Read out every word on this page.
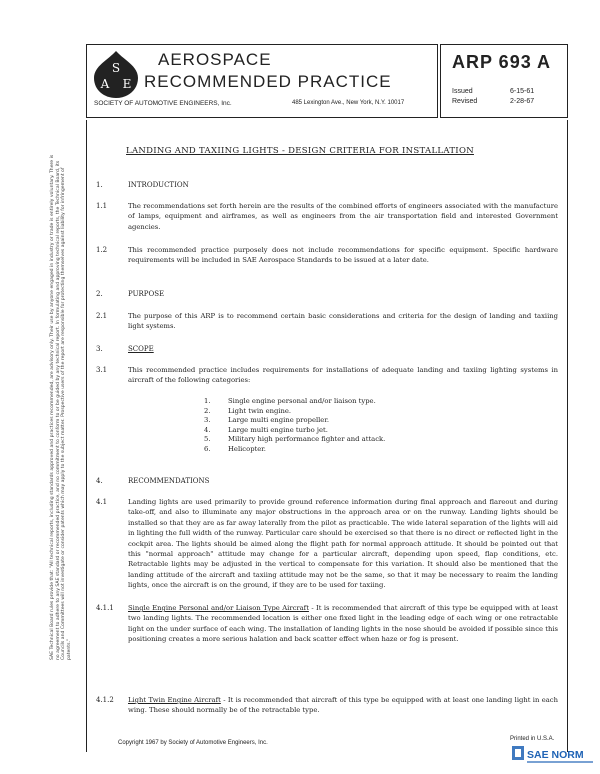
S
A E
AEROSPACE
RECOMMENDED PRACTICE
SOCIETY OF AUTOMOTIVE ENGINEERS, Inc.	485 Lexington Ave., New York, N.Y. 10017
ARP 693 A
Issued	6-15-61
Revised	2-28-67
LANDING AND TAXIING LIGHTS - DESIGN CRITERIA FOR INSTALLATION
1.	INTRODUCTION
1.1	The recommendations set forth herein are the results of the combined efforts of engineers associated with the manufacture of lamps, equipment and airframes, as well as engineers from the air transportation field and interested Government agencies.

1.2	This recommended practice purposely does not include recommendations for specific equipment. Specific hardware requirements will be included in SAE Aerospace Standards to be issued at a later date.

2.	PURPOSE
2.1	The purpose of this ARP is to recommend certain basic considerations and criteria for the design of landing and taxiing light systems.

3.	SCOPE
3.1	This recommended practice includes requirements for installations of adequate landing and taxiing lighting systems in aircraft of the following categories:

1.	Single engine personal and/or liaison type.
2.	Light twin engine.
3.	Large multi engine propeller.
4.	Large multi engine turbo jet.
5.	Military high performance fighter and attack.
6.	Helicopter.
4.	RECOMMENDATIONS
4.1	Landing lights are used primarily to provide ground reference information during final approach and flareout and during take-off, and also to illuminate any major obstructions in the approach area or on the runway. Landing lights should be installed so that they are as far away laterally from the pilot as practicable. The wide lateral separation of the lights will aid in lighting the full width of the runway. Particular care should be exercised so that there is no direct or reflected light in the cockpit area. The lights should be aimed along the flight path for normal approach attitude. It should be pointed out that this "normal approach" attitude may change for a particular aircraft, depending upon speed, flap conditions, etc. Retractable lights may be adjusted in the vertical to compensate for this variation. It should also be mentioned that the landing attitude of the aircraft and taxiing attitude may not be the same, so that it may be necessary to reaim the landing lights, once the aircraft is on the ground, if they are to be used for taxiing.

4.1.1 Single Engine Personal and/or Liaison Type Aircraft - It is recommended that aircraft of this type be equipped with at least two landing lights. The recommended location is either one fixed light in the leading edge of each wing or one retractable light on the under surface of each wing. The installation of landing lights in the nose should be avoided if possible since this positioning creates a more serious halation and back scatter effect when haze or fog is present.

4.1.2 Light Twin Engine Aircraft - It is recommended that aircraft of this type be equipped with at least one landing light in each wing. These should normally be of the retractable type.

SAE Technical Board rules provide that: "All technical reports, including standards approved and practices recommended, are advisory only. Their use by anyone engaged in industry or trade is entirely voluntary. There is no agreement to adhere to any SAE standard or recommended practice, and no commitment to conform to or be guided by any technical report. In formulating and approving technical reports, the Technical Board, its Councils and Committees will not investigate or consider patents which may apply to the subject matter. Prospective users of the report are responsible for protecting themselves against liability for infringement of patents."

Copyright 1967 by Society of Automotive Engineers, Inc.
Printed in U.S.A.
SAE NORM
